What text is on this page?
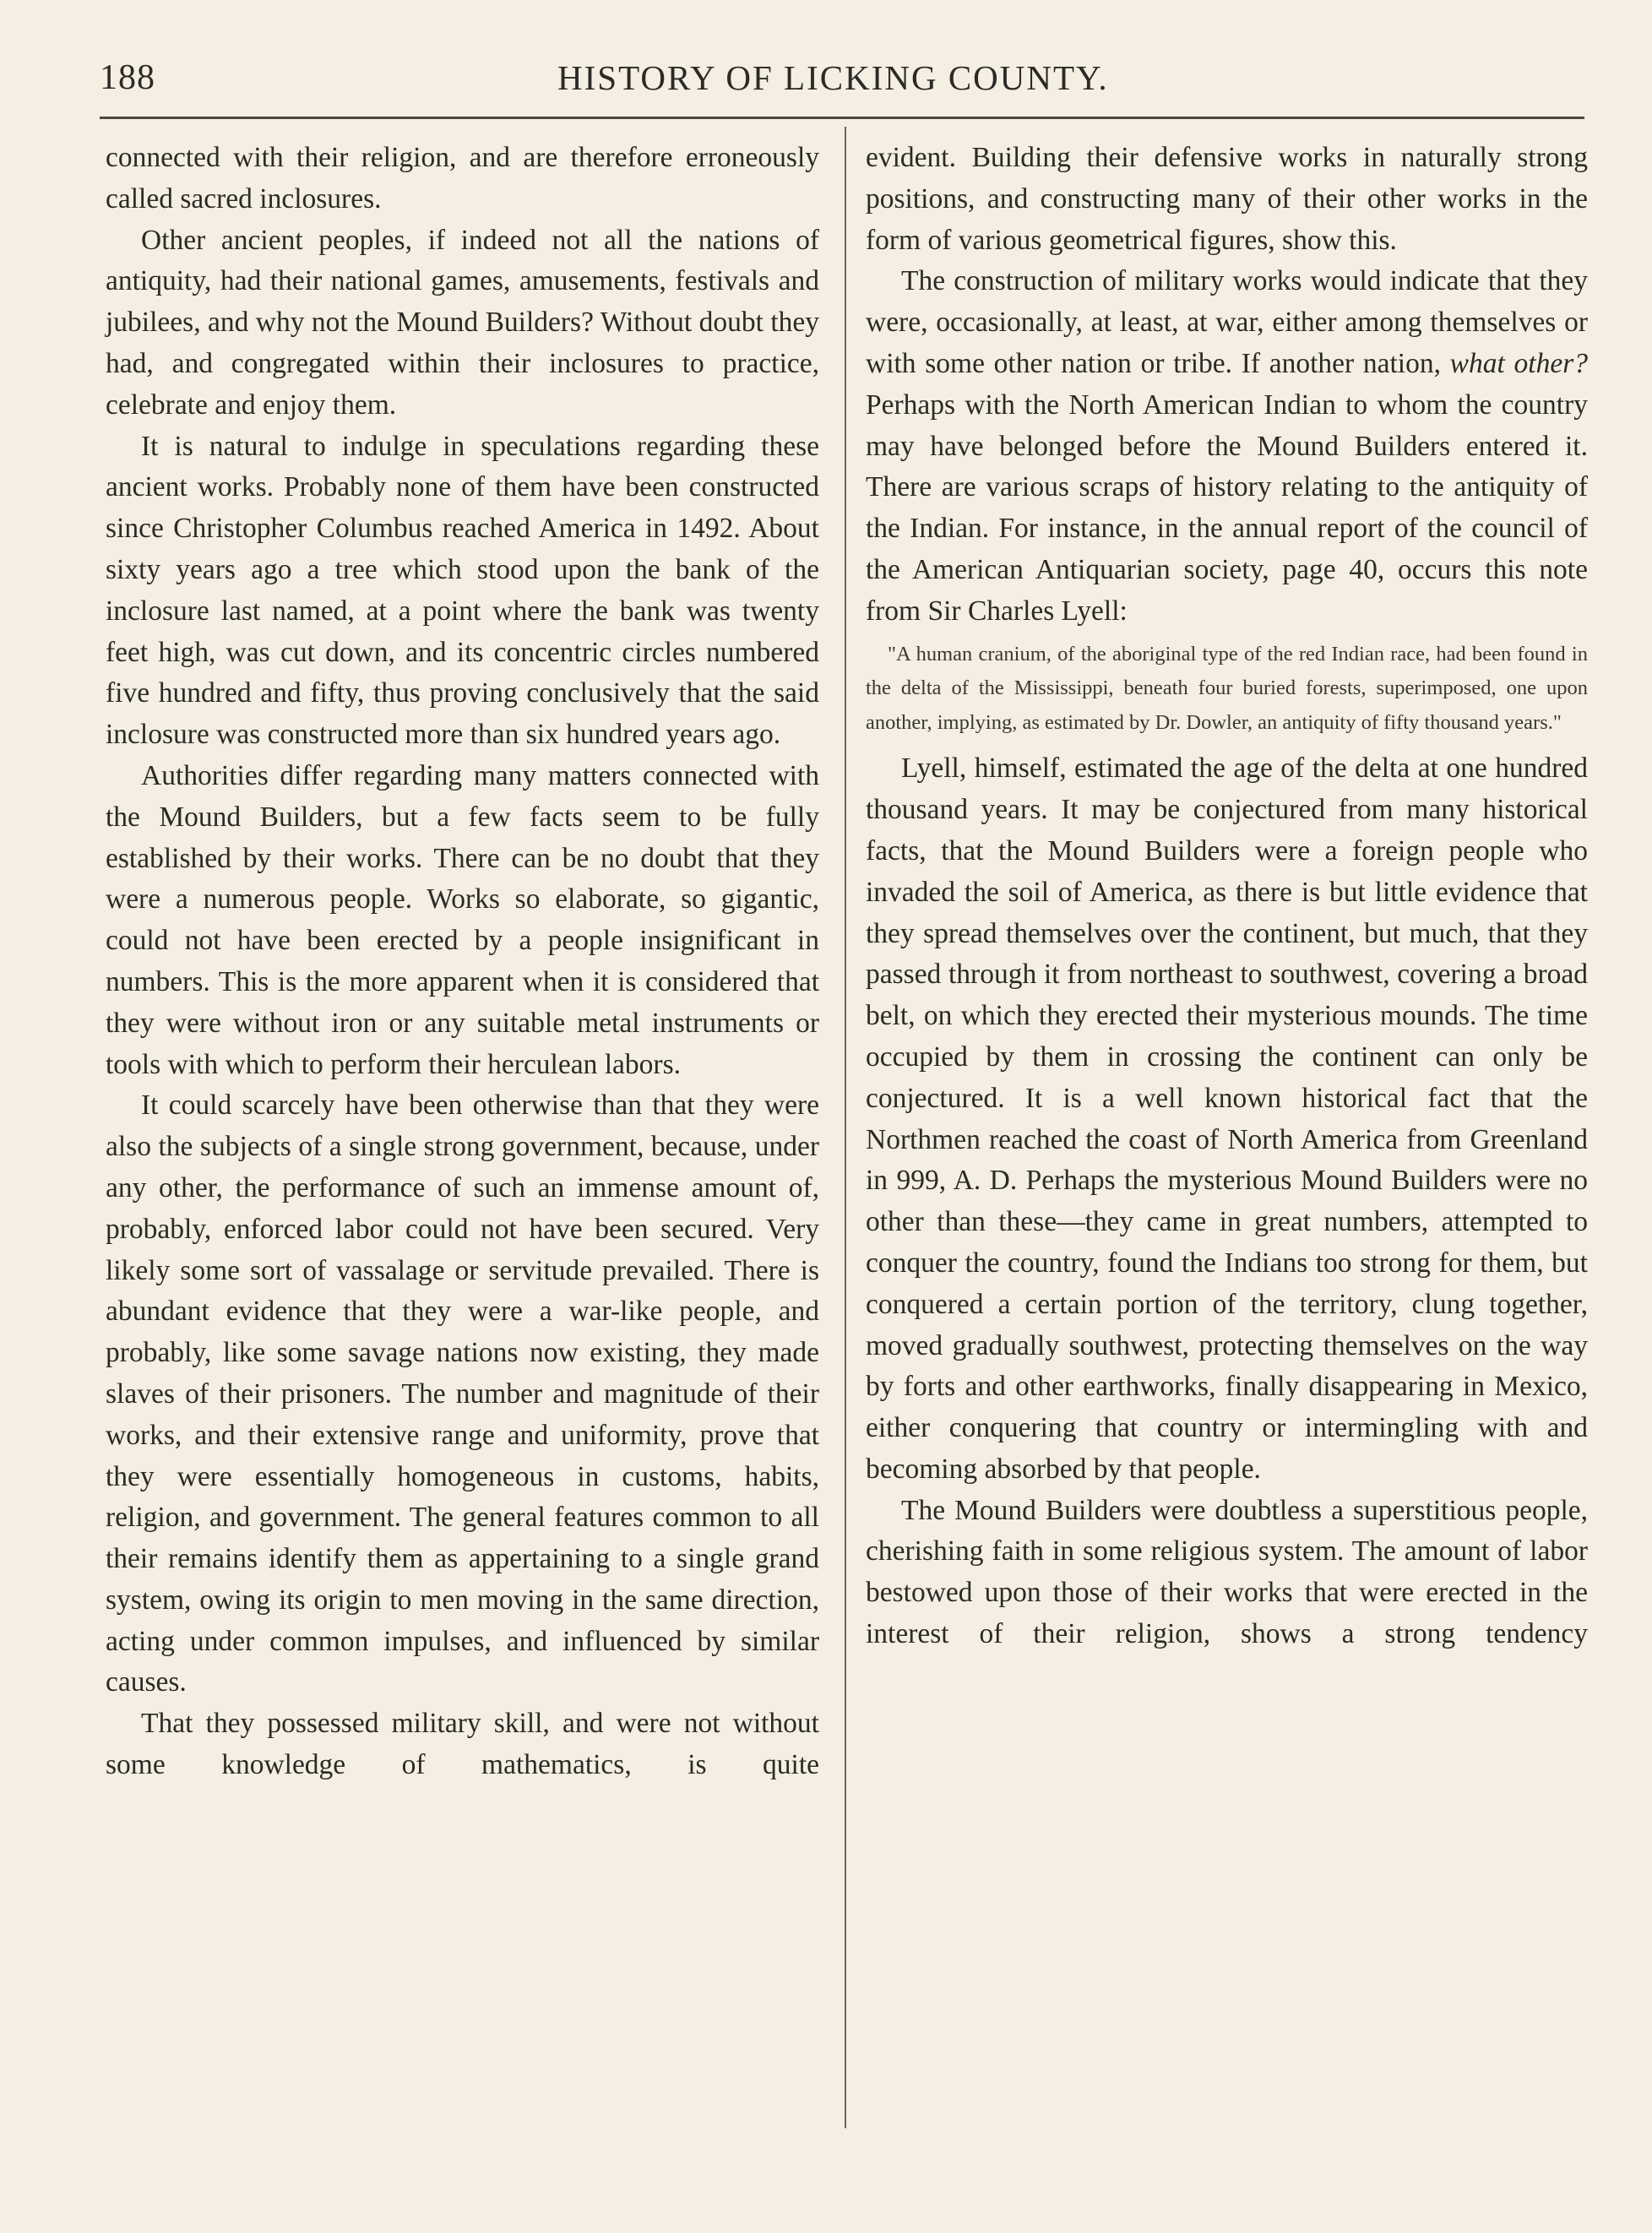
188	HISTORY OF LICKING COUNTY.

connected with their religion, and are therefore erroneously called sacred inclosures.

Other ancient peoples, if indeed not all the nations of antiquity, had their national games, amusements, festivals and jubilees, and why not the Mound Builders? Without doubt they had, and congregated within their inclosures to practice, celebrate and enjoy them.

It is natural to indulge in speculations regarding these ancient works. Probably none of them have been constructed since Christopher Columbus reached America in 1492. About sixty years ago a tree which stood upon the bank of the inclosure last named, at a point where the bank was twenty feet high, was cut down, and its concentric circles numbered five hundred and fifty, thus proving conclusively that the said inclosure was constructed more than six hundred years ago.

Authorities differ regarding many matters connected with the Mound Builders, but a few facts seem to be fully established by their works. There can be no doubt that they were a numerous people. Works so elaborate, so gigantic, could not have been erected by a people insignificant in numbers. This is the more apparent when it is considered that they were without iron or any suitable metal instruments or tools with which to perform their herculean labors.

It could scarcely have been otherwise than that they were also the subjects of a single strong government, because, under any other, the performance of such an immense amount of, probably, enforced labor could not have been secured. Very likely some sort of vassalage or servitude prevailed. There is abundant evidence that they were a war-like people, and probably, like some savage nations now existing, they made slaves of their prisoners. The number and magnitude of their works, and their extensive range and uniformity, prove that they were essentially homogeneous in customs, habits, religion, and government. The general features common to all their remains identify them as appertaining to a single grand system, owing its origin to men moving in the same direction, acting under common impulses, and influenced by similar causes.

That they possessed military skill, and were not without some knowledge of mathematics, is quite

evident. Building their defensive works in naturally strong positions, and constructing many of their other works in the form of various geometrical figures, show this.

The construction of military works would indicate that they were, occasionally, at least, at war, either among themselves or with some other nation or tribe. If another nation, what other? Perhaps with the North American Indian to whom the country may have belonged before the Mound Builders entered it. There are various scraps of history relating to the antiquity of the Indian. For instance, in the annual report of the council of the American Antiquarian society, page 40, occurs this note from Sir Charles Lyell:

"A human cranium, of the aboriginal type of the red Indian race, had been found in the delta of the Mississippi, beneath four buried forests, superimposed, one upon another, implying, as estimated by Dr. Dowler, an antiquity of fifty thousand years."

Lyell, himself, estimated the age of the delta at one hundred thousand years. It may be conjectured from many historical facts, that the Mound Builders were a foreign people who invaded the soil of America, as there is but little evidence that they spread themselves over the continent, but much, that they passed through it from northeast to southwest, covering a broad belt, on which they erected their mysterious mounds. The time occupied by them in crossing the continent can only be conjectured. It is a well known historical fact that the Northmen reached the coast of North America from Greenland in 999, A. D. Perhaps the mysterious Mound Builders were no other than these—they came in great numbers, attempted to conquer the country, found the Indians too strong for them, but conquered a certain portion of the territory, clung together, moved gradually southwest, protecting themselves on the way by forts and other earthworks, finally disappearing in Mexico, either conquering that country or intermingling with and becoming absorbed by that people.

The Mound Builders were doubtless a superstitious people, cherishing faith in some religious system. The amount of labor bestowed upon those of their works that were erected in the interest of their religion, shows a strong tendency
